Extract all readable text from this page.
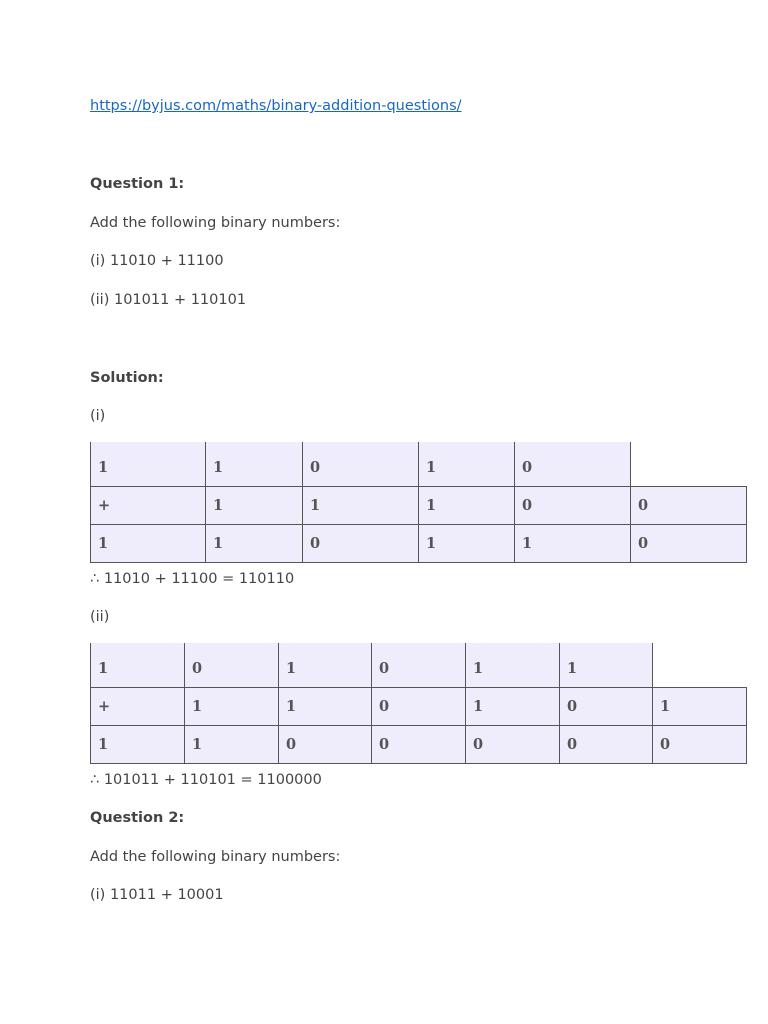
https://byjus.com/maths/binary-addition-questions/
Question 1:
Add the following binary numbers:
(i) 11010 + 11100
(ii) 101011 + 110101
Solution:
(i)
1	1	0	1	0	
+	1	1	1	0	0
1	1	0	1	1	0
∴ 11010 + 11100 = 110110
(ii)
1	0	1	0	1	1	
+	1	1	0	1	0	1
1	1	0	0	0	0	0
∴ 101011 + 110101 = 1100000
Question 2:
Add the following binary numbers:
(i) 11011 + 10001
